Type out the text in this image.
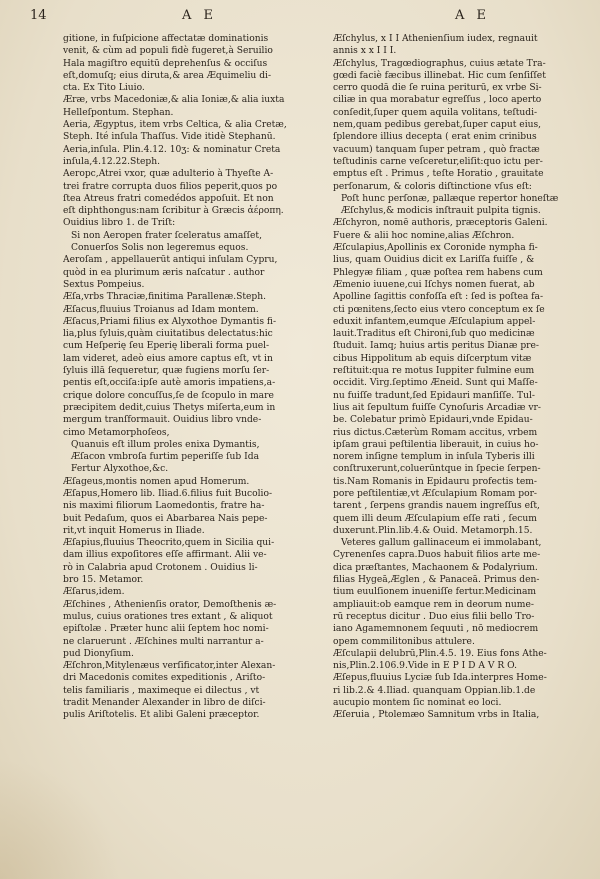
14	A E	A E
gitione, in fuſpicione affectatæ dominationis
venit, & cùm ad populi fidè fugeret,à Seruilio
Hala magiſtro equitū deprehenſus & occiſus
eſt,domuſq; eius diruta,& area Æquimeliu di-
cta. Ex Tito Liuio.
Æræ, vrbs Macedoniæ,& alia Ioniæ,& alia iuxta
Helleſpontum. Stephan.
Aeria, Ægyptus, item vrbs Celtica, & alia Cretæ,
Steph. Ité inſula Thaſſus. Vide itidè Stephanū.
Aeria,inſula. Plin.4.12. 10ʒ: & nominatur Creta
inſula,4.12.22.Steph.
Aeropc,Atrei vxor, quæ adulterio à Thyeſte A-
trei fratre corrupta duos filios peperit,quos po
ſtea Atreus fratri comedédos appoſuit. Et non
eſt diphthongus:nam ſcribitur à Græcis ἀέρoπη.
Ouidius libro 1. de Triſt:
Si non Aeropen frater ſceleratus amaſſet,
Conuerſos Solis non legeremus equos.
Aeroſam , appellauerūt antiqui inſulam Cypru,
quòd in ea plurimum æris naſcatur . author
Sextus Pompeius.
Æſa,vrbs Thraciæ,finitima Parallenæ.Steph.
Æſacus,fluuius Troianus ad Idam montem.
Æſacus,Priami filius ex Alyxothoe Dymantis fi-
lia,plus ſyluis,quàm ciuitatibus delectatus:hic
cum Heſperię ſeu Eperię liberali forma puel-
lam videret, adeò eius amore captus eſt, vt in
ſyluis illā ſequeretur, quæ fugiens morſu ſer-
pentis eſt,occiſa:ipſe autè amoris impatiens,a-
crique dolore concuſſus,ſe de ſcopulo in mare
præcipitem dedit,cuius Thetys miſerta,eum in
mergum tranſformauit. Ouidius libro vnde-
cimo Metamorphoſeos,
Quanuis eſt illum proles enixa Dymantis,
Æſacon vmbroſa furtim peperiſſe ſub Ida
Fertur Alyxothoe,&c.
Æſageus,montis nomen apud Homerum.
Æſapus,Homero lib. Iliad.6.filius fuit Bucolio-
nis maximi filiorum Laomedontis, fratre ha-
buit Pedaſum, quos ei Abarbarea Nais pepe-
rit,vt inquit Homerus in Iliade.
Æſapius,fluuius Theocrito,quem in Sicilia qui-
dam illius expoſitores eſſe affirmant. Alii ve-
rò in Calabria apud Crotonem . Ouidius li-
bro 15. Metamor.
Æſarus,idem.
Æſchines , Athenienſis orator, Demoſthenis æ-
mulus, cuius orationes tres extant , & aliquot
epiſtolæ . Præter hunc alii ſeptem hoc nomi-
ne claruerunt . Æſchines multi narrantur a-
pud Dionyſium.
Æſchron,Mitylenæus verſificator,inter Alexan-
dri Macedonis comites expeditionis , Ariſto-
telis familiaris , maximeque ei dilectus , vt
tradit Menander Alexander in libro de diſci-
pulis Ariſtotelis. Et alibi Galeni præceptor.
Æſchylus, x I I Athenienſium iudex, regnauit
annis x x I I I.
Æſchylus, Tragœdiographus, cuius ætate Tra-
gœdi faciè fæcibus illinebat. Hic cum ſenſiſſet
cerro quodā die ſe ruina periturū, ex vrbe Si-
ciliæ in qua morabatur egreſſus , loco aperto
conſedit,ſuper quem aquila volitans, teſtudi-
nem,quam pedibus gerebat,ſuper caput eius,
ſplendore illius decepta ( erat enim crinibus
vacuum) tanquam ſuper petram , quò fractæ
teſtudinis carne veſceretur,eliſit:quo ictu per-
emptus eſt . Primus , teſte Horatio , grauitate
perſonarum, & coloris diſtinctione vſus eſt:
Poſt hunc perſonæ, pallæque repertor honeſtæ
Æſchylus,& modicis inſtrauit pulpita tignis.
Æſchyron, nomē authoris, præceptoris Galeni.
Fuere & alii hoc nomine,alias Æſchron.
Æſculapius,Apollinis ex Coronide nympha fi-
lius, quam Ouidius dicit ex Lariſſa fuiſſe , &
Phlegyæ filiam , quæ poſtea rem habens cum
Æmenio iuuene,cui Iſchys nomen fuerat, ab
Apolline ſagittis confoſſa eſt : ſed is poſtea fa-
cti pœnitens,ſecto eius vtero conceptum ex ſe
eduxit infantem,eumque Æſculapium appel-
lauit.Traditus eſt Chironi,ſub quo medicinæ
ſtuduit. Iamq; huius artis peritus Dianæ pre-
cibus Hippolitum ab equis diſcerptum vitæ
reſtituit:qua re motus Iuppiter fulmine eum
occidit. Virg.ſeptimo Æneid. Sunt qui Maſſe-
nu fuiſſe tradunt,ſed Epidauri manſiſſe. Tul-
lius ait ſepultum fuiſſe Cynoſuris Arcadiæ vr-
be. Colebatur primò Epidauri,vnde Epidau-
rius dictus.Cæterùm Romam accitus, vrbem
ipſam graui peſtilentia liberauit, in cuius ho-
norem inſigne templum in inſula Tyberis illi
conſtruxerunt,coluerūntque in ſpecie ſerpen-
tis.Nam Romanis in Epidauru profectis tem-
pore peſtilentiæ,vt Æſculapium Romam por-
tarent , ſerpens grandis nauem ingreſſus eſt,
quem illi deum Æſculapium eſſe rati , ſecum
duxerunt.Plin.lib.4.& Ouid. Metamorph.15.
Veteres gallum gallinaceum ei immolabant,
Cyrenenſes capra.Duos habuit filios arte me-
dica præſtantes, Machaonem & Podalyrium.
filias Hygeā,Æglen , & Panaceā. Primus den-
tium euulſionem inueniſſe fertur.Medicinam
ampliauit:ob eamque rem in deorum nume-
rū receptus dicitur . Duo eius filii bello Tro-
iano Agamemnonem ſequuti , nō mediocrem
opem commilitonibus attulere.
Æſculapii delubrū,Plin.4.5. 19. Eius fons Athe-
nis,Plin.2.106.9.Vide in E P I D A V R O.
Æſepus,fluuius Lyciæ ſub Ida.interpres Home-
ri lib.2.& 4.Iliad. quanquam Oppian.lib.1.de
aucupio montem ſic nominat eo loci.
Æſeruia , Ptolemæo Samnitum vrbs in Italia,
